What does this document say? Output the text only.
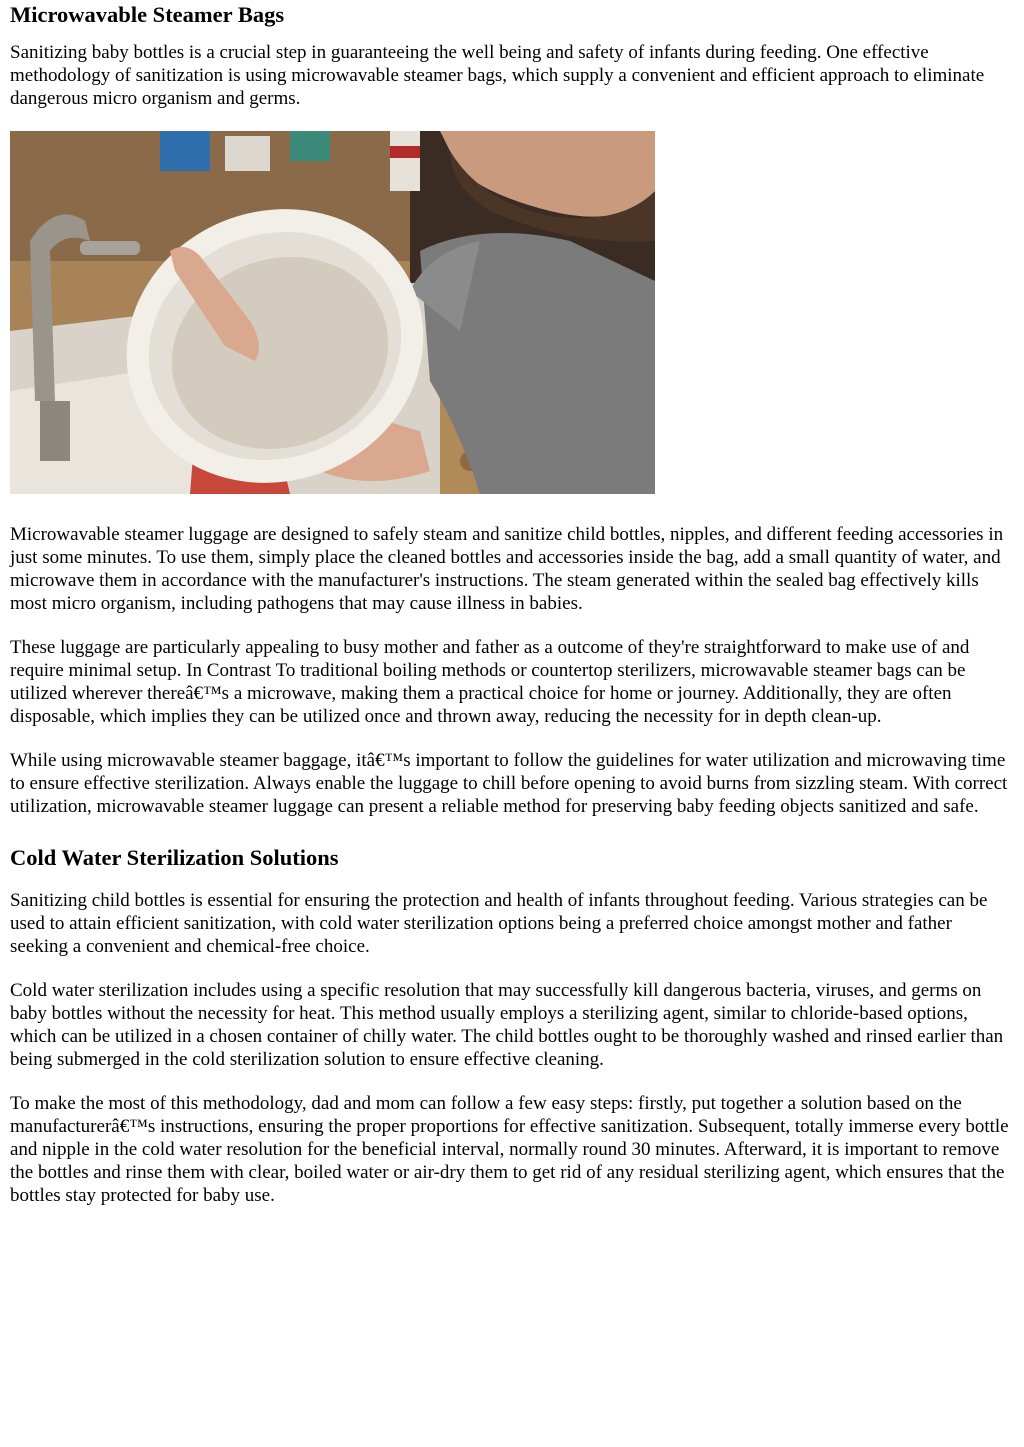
Microwavable Steamer Bags

Sanitizing baby bottles is a crucial step in guaranteeing the well being and safety of infants during feeding. One effective methodology of sanitization is using microwavable steamer bags, which supply a convenient and efficient approach to eliminate dangerous micro organism and germs.

Microwavable steamer luggage are designed to safely steam and sanitize child bottles, nipples, and different feeding accessories in just some minutes. To use them, simply place the cleaned bottles and accessories inside the bag, add a small quantity of water, and microwave them in accordance with the manufacturer's instructions. The steam generated within the sealed bag effectively kills most micro organism, including pathogens that may cause illness in babies.

These luggage are particularly appealing to busy mother and father as a outcome of they're straightforward to make use of and require minimal setup. In Contrast To traditional boiling methods or countertop sterilizers, microwavable steamer bags can be utilized wherever thereâ€™s a microwave, making them a practical choice for home or journey. Additionally, they are often disposable, which implies they can be utilized once and thrown away, reducing the necessity for in depth clean-up.

While using microwavable steamer baggage, itâ€™s important to follow the guidelines for water utilization and microwaving time to ensure effective sterilization. Always enable the luggage to chill before opening to avoid burns from sizzling steam. With correct utilization, microwavable steamer luggage can present a reliable method for preserving baby feeding objects sanitized and safe.

Cold Water Sterilization Solutions

Sanitizing child bottles is essential for ensuring the protection and health of infants throughout feeding. Various strategies can be used to attain efficient sanitization, with cold water sterilization options being a preferred choice amongst mother and father seeking a convenient and chemical-free choice.

Cold water sterilization includes using a specific resolution that may successfully kill dangerous bacteria, viruses, and germs on baby bottles without the necessity for heat. This method usually employs a sterilizing agent, similar to chloride-based options, which can be utilized in a chosen container of chilly water. The child bottles ought to be thoroughly washed and rinsed earlier than being submerged in the cold sterilization solution to ensure effective cleaning.

To make the most of this methodology, dad and mom can follow a few easy steps: firstly, put together a solution based on the manufacturerâ€™s instructions, ensuring the proper proportions for effective sanitization. Subsequent, totally immerse every bottle and nipple in the cold water resolution for the beneficial interval, normally round 30 minutes. Afterward, it is important to remove the bottles and rinse them with clear, boiled water or air-dry them to get rid of any residual sterilizing agent, which ensures that the bottles stay protected for baby use.
